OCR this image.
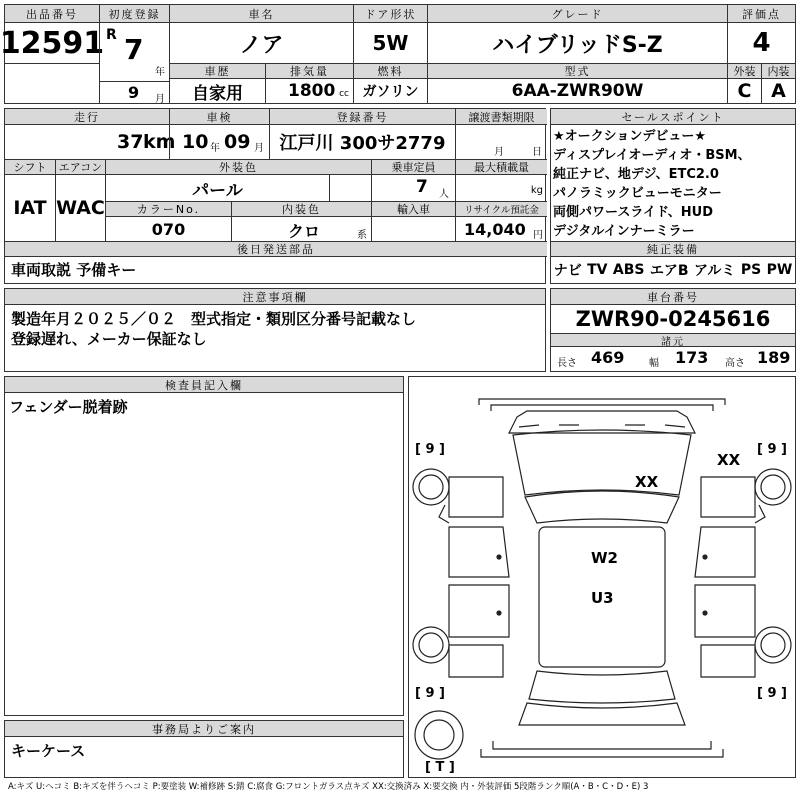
出品番号
12591
初度登録
R 7
年
9 月
車名
ノア
ドア形状
5W
グレード
ハイブリッドS-Z
評価点
4
車歴
自家用
排気量
1800 cc
燃料
ガソリン
型式
6AA-ZWR90W
外装
C
内装
A
走行
37 km
車検
10 年 09 月
登録番号
江戸川 300サ2779
譲渡書類期限
月	日
シフト
IAT
エアコン
WAC
外装色
パール
乗車定員
7 人
最大積載量
kg
カラーNo.
070
内装色
クロ	系
輸入車	リサイクル預託金
14,040 円
後日発送部品
車両取説 予備キー
セールスポイント
★オークションデビュー★
ディスプレイオーディオ・BSM、
純正ナビ、地デジ、ETC2.0
パノラミックビューモニター
両側パワースライド、HUD
デジタルインナーミラー
純正装備
ナビ TV ABS エアB アルミ PS PW
注意事項欄
製造年月２０２５／０２　型式指定・類別区分番号記載なし
登録遅れ、メーカー保証なし
車台番号
ZWR90-0245616
諸元
長さ 469 幅 173 高さ 189
検査員記入欄
フェンダー脱着跡
事務局よりご案内
キーケース
[ 9 ]	[ 9 ]
[ 9 ]	[ 9 ]
[ T ]
XX
XX
W2
U3
A:キズ U:ヘコミ B:キズを伴うヘコミ P:要塗装 W:補修跡 S:錆 C:腐食 G:フロントガラス点キズ XX:交換済み X:要交換 内・外装評価 5段階ランク順(A・B・C・D・E) 3
